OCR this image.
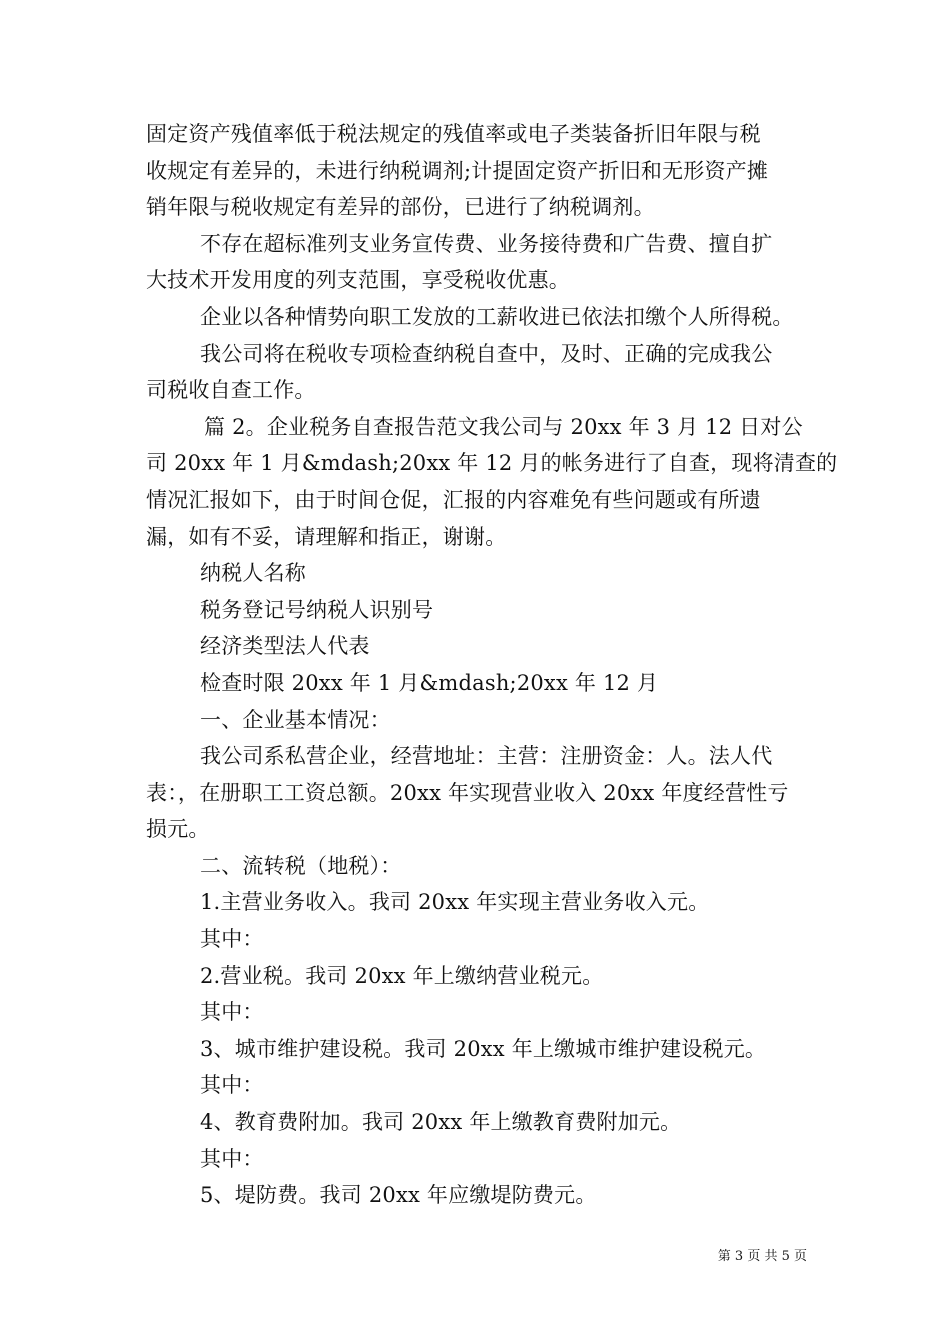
固定资产残值率低于税法规定的残值率或电子类装备折旧年限与税
收规定有差异的，未进行纳税调剂;计提固定资产折旧和无形资产摊
销年限与税收规定有差异的部份，已进行了纳税调剂。
不存在超标准列支业务宣传费、业务接待费和广告费、擅自扩
大技术开发用度的列支范围，享受税收优惠。
企业以各种情势向职工发放的工薪收进已依法扣缴个人所得税。
我公司将在税收专项检查纳税自查中，及时、正确的完成我公
司税收自查工作。
篇 2。企业税务自查报告范文我公司与 20xx 年 3 月 12 日对公
司 20xx 年 1 月&mdash;20xx 年 12 月的帐务进行了自查，现将清查的
情况汇报如下，由于时间仓促，汇报的内容难免有些问题或有所遗
漏，如有不妥，请理解和指正，谢谢。
纳税人名称
税务登记号纳税人识别号
经济类型法人代表
检查时限 20xx 年 1 月&mdash;20xx 年 12 月
一、企业基本情况：
我公司系私营企业，经营地址：主营：注册资金：人。法人代
表：，在册职工工资总额。20xx 年实现营业收入 20xx 年度经营性亏
损元。
二、流转税（地税）：
1.主营业务收入。我司 20xx 年实现主营业务收入元。
其中：
2.营业税。我司 20xx 年上缴纳营业税元。
其中：
3、城市维护建设税。我司 20xx 年上缴城市维护建设税元。
其中：
4、教育费附加。我司 20xx 年上缴教育费附加元。
其中：
5、堤防费。我司 20xx 年应缴堤防费元。
第 3 页 共 5 页
